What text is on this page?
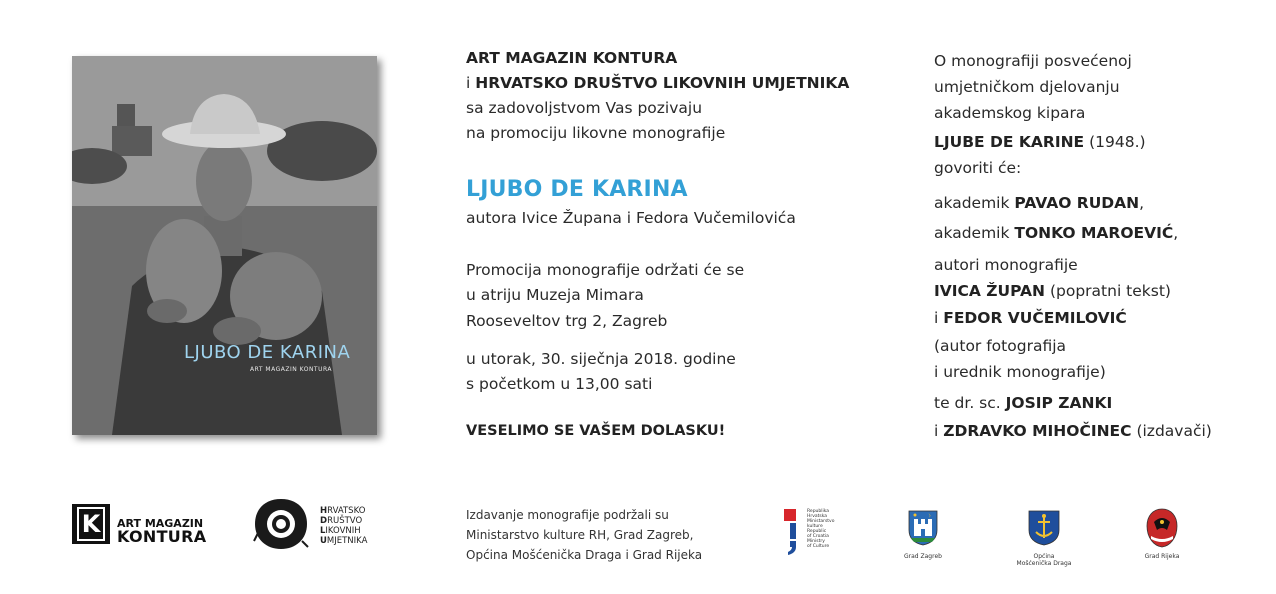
LJUBO DE KARINA
ART MAGAZIN KONTURA
ART MAGAZIN KONTURA
i HRVATSKO DRUŠTVO LIKOVNIH UMJETNIKA
sa zadovoljstvom Vas pozivaju
na promociju likovne monografije
LJUBO DE KARINA
autora Ivice Župana i Fedora Vučemilovića
Promocija monografije održati će se
u atriju Muzeja Mimara
Rooseveltov trg 2, Zagreb
u utorak, 30. siječnja 2018. godine
s početkom u 13,00 sati
VESELIMO SE VAŠEM DOLASKU!
O monografiji posvećenoj
umjetničkom djelovanju
akademskog kipara
LJUBE DE KARINE (1948.)
govoriti će:
akademik PAVAO RUDAN,
akademik TONKO MAROEVIĆ,
autori monografije
IVICA ŽUPAN (popratni tekst)
i FEDOR VUČEMILOVIĆ
(autor fotografija
i urednik monografije)
te dr. sc. JOSIP ZANKI
i ZDRAVKO MIHOČINEC (izdavači)
K	ART MAGAZIN
KONTURA
HRVATSKO
DRUŠTVO
LIKOVNIH
UMJETNIKA
Izdavanje monografije podržali su
Ministarstvo kulture RH, Grad Zagreb,
Općina Mošćenička Draga i Grad Rijeka
Republika
Hrvatska
Ministarstvo
kulture
Republic
of Croatia
Ministry
of Culture
Grad Zagreb	Općina
Mošćenička Draga
Grad Rijeka
